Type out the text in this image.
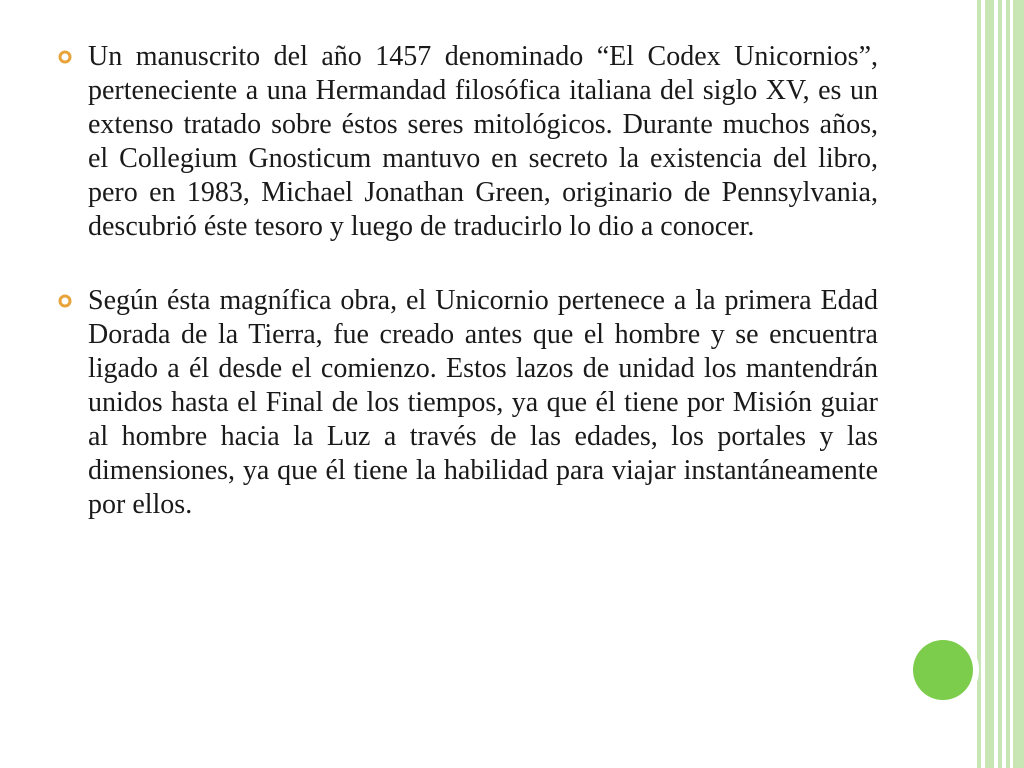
Un manuscrito del año 1457 denominado “El Codex Unicornios”, perteneciente a una Hermandad filosófica italiana del siglo XV, es un extenso tratado sobre éstos seres mitológicos. Durante muchos años, el Collegium Gnosticum mantuvo en secreto la existencia del libro, pero en 1983, Michael Jonathan Green, originario de Pennsylvania, descubrió éste tesoro y luego de traducirlo lo dio a conocer.

Según ésta magnífica obra, el Unicornio pertenece a la primera Edad Dorada de la Tierra, fue creado antes que el hombre y se encuentra ligado a él desde el comienzo. Estos lazos de unidad los mantendrán unidos hasta el Final de los tiempos, ya que él tiene por Misión guiar al hombre hacia la Luz a través de las edades, los portales y las dimensiones, ya que él tiene la habilidad para viajar instantáneamente por ellos.
